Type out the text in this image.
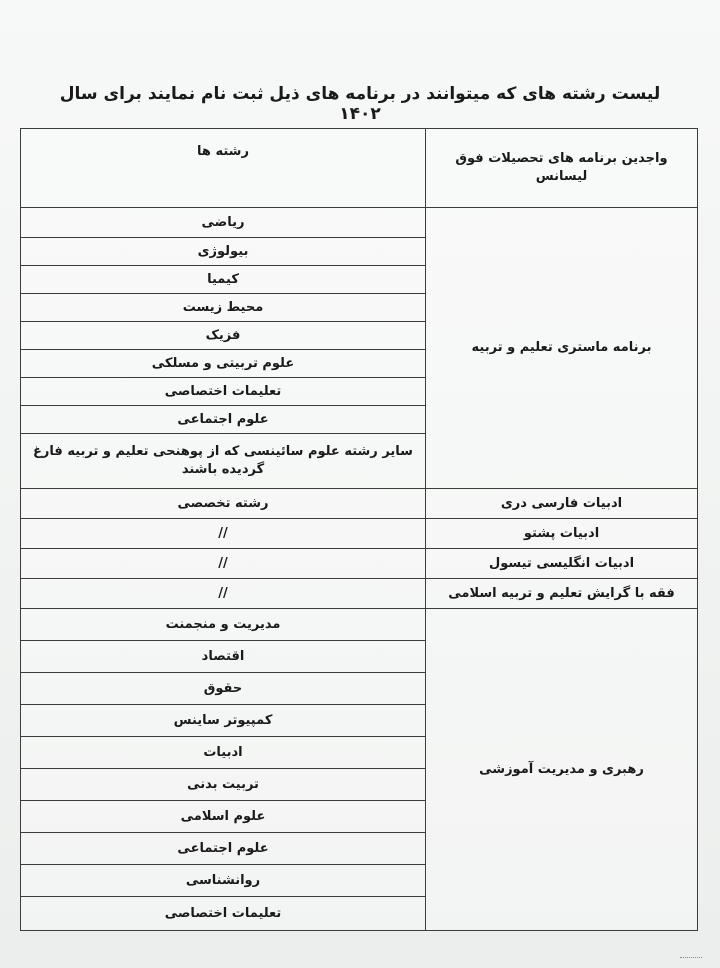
لیست رشته های که میتوانند در برنامه های ذیل ثبت نام نمایند برای سال ۱۴۰۲
واجدین برنامه های تحصیلات فوق لیسانس	رشته ها
برنامه ماستری تعلیم و تربیه	ریاضی
	بیولوژی
	کیمیا
	محیط زیست
	فزیک
	علوم تربیتی و مسلکی
	تعلیمات اختصاصی
	علوم اجتماعی
	سایر رشته علوم سائینسی که از پوهنحی تعلیم و تربیه فارغ گردیده باشند
ادبیات فارسی دری	رشته تخصصی
ادبیات پشتو	//
ادبیات انگلیسی تیسول	//
فقه با گرایش تعلیم و تربیه اسلامی	//
رهبری و مدیریت آموزشی	مدیریت و منجمنت
	اقتصاد
	حقوق
	کمپیوتر ساینس
	ادبیات
	تربیت بدنی
	علوم اسلامی
	علوم اجتماعی
	روانشناسی
	تعلیمات اختصاصی
